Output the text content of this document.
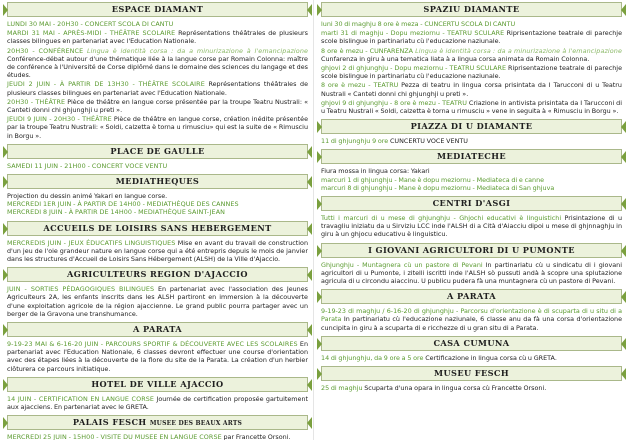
ESPACE DIAMANT
LUNDI 30 MAI - 20H30 - CONCERT SCOLA DI CANTU
MARDI 31 MAI - APRÈS-MIDI - THÉÂTRE SCOLAIRE Représentations théâtrales de plusieurs classes bilingues en partenariat avec l'Education Nationale.
20H30 - CONFÉRENCE Lingua è identità corsa : da a minurizazione à l'emancipazione Conférence-débat autour d'une thématique liée à la langue corse par Romain Colonna: maître de conférence à l'Université de Corse diplômé dans le domaine des sciences du langage et des études.
JEUDI 2 JUIN - À PARTIR DE 13H30 - THÉÂTRE SCOLAIRE Représentations théâtrales de plusieurs classes bilingues en partenariat avec l'Education Nationale.
20H30 - THÉÂTRE Pièce de théâtre en langue corse présentée par la troupe Teatru Nustrali: « Canteti donni chi ghjunghji u preti ».
JEUDI 9 JUIN - 20H30 - THÉÂTRE Pièce de théâtre en langue corse, création inédite présentée par la troupe Teatru Nustrali: « Soldi, calzetta è torna u rimusciu» qui est la suite de « Rimusciu in Borgu ».
PLACE DE GAULLE
SAMEDI 11 JUIN - 21H00 - CONCERT VOCE VENTU
MEDIATHEQUES
Projection du dessin animé Yakari en langue corse.
MERCREDI 1ER JUIN - À PARTIR DE 14H00 - MEDIATHÈQUE DES CANNES
MERCREDI 8 JUIN - À PARTIR DE 14H00 - MEDIATHÈQUE SAINT-JEAN
ACCUEILS DE LOISIRS SANS HEBERGEMENT
MERCREDIS JUIN - JEUX ÉDUCATIFS LINGUISTIQUES Mise en avant du travail de construction d'un jeu de l'oie grandeur nature en langue corse qui a été entrepris depuis le mois de janvier dans les structures d'Accueil de Loisirs Sans Hébergement (ALSH) de la Ville d'Ajaccio.
AGRICULTEURS REGION D'AJACCIO
JUIN - SORTIES PÉDAGOGIQUES BILINGUES En partenariat avec l'association des Jeunes Agriculteurs 2A, les enfants inscrits dans les ALSH partiront en immersion à la découverte d'une exploitation agricole de la région ajaccienne. Le grand public pourra partager avec un berger de la Gravona une transhumance.
A PARATA
9-19-23 MAI & 6-16-20 JUIN - PARCOURS SPORTIF & DÉCOUVERTE AVEC LES SCOLAIRES En partenariat avec l'Education Nationale, 6 classes devront effectuer une course d'orientation avec des étapes liées à la découverte de la flore du site de la Parata. La création d'un herbier clôturera ce parcours initiatique.
HOTEL DE VILLE AJACCIO
14 JUIN - CERTIFICATION EN LANGUE CORSE Journée de certification proposée gartuitement aux ajacciens. En partenariat avec le GRETA.
PALAIS FESCH MUSEE DES BEAUX ARTS
MERCREDI 25 JUIN - 15H00 - VISITE DU MUSEE EN LANGUE CORSE par Francette Orsoni.
SPAZIU DIAMANTE
luni 30 di maghju 8 ore è meza - CUNCERTU SCOLA DI CANTU
marti 31 di maghju - Dopu meziornu - TEATRU SCULARE Riprisentazione teatrale di parechje scole bislingue in partinariatu cù l'educazione naziunale.
8 ore è mezu - CUNFARENZA Lingua è identità corsa : da a minurizazione à l'emancipazione Cunfarenza in giru à una tematica liata à a lingua corsa animata da Romain Colonna.
ghjovi 2 di ghjunghju - Dopu meziornu - TEATRU SCULARE Riprisentazione teatrale di parechje scole bislingue in partinariatu cù l'educazione naziunale.
8 ore è mezu - TEATRU Pezza di teatru in lingua corsa prisintata da I Tarucconi di u Teatru Nustrali « Canteti donni chi ghjunghji u preti ».
ghjovi 9 di ghjunghju - 8 ore è mezu - TEATRU Criazione in antivista prisintata da I Tarucconi di u Teatru Nustrali « Soldi, calzetta è torna u rimusciu » vene in seguita à « Rimusciu in Borgu ».
PIAZZA DI U DIAMANTE
11 di ghjunghju 9 ore CUNCERTU VOCE VENTU
MEDIATECHE
Fiura mossa in lingua corsa: Yakari
marcuri 1 di ghjunghju - Mane è dopu meziornu - Mediateca di e canne
marcuri 8 di ghjunghju - Mane è dopu meziornu - Mediateca di San ghjuva
CENTRI D'ASGI
Tutti i marcuri di u mese di ghjunghju - Ghjochi educativi è linguistichi Prisintazione di u travagliu iniziatu da u Sirviziu LCC inde l'ALSH di a Cità d'Aiacciu dipoi u mese di ghjnnaghju in giru à un ghjocu educativu è linguisticu.
I GIOVANI AGRICULTORI DI U PUMONTE
Ghjunghju - Muntagnera cù un pastore di Pevani In partinariatu cù u sindicatu di i giovani agricultori di u Pumonte, i zitelli iscritti inde l'ALSH sò pussuti andà à scopre una splutazione agricula di u circondu aiaccinu. U publicu pudera fà una muntagnera cù un pastore di Pevani.
A PARATA
9-19-23 di maghju / 6-16-20 di ghjunghju - Parcorsu d'orientazione è di scuparta di u situ di a Parata In partinariatu cù l'educazione naziunale, 6 classe anu da fà una corsa d'orientazione cuncipita in giru à a scuparta di e ricchezze di u gran situ di a Parata.
CASA CUMUNA
14 di ghjunghju, da 9 ore a 5 ore Certificazione in lingua corsa cù u GRETA.
MUSEU FESCH
25 di maghju Scuparta d'una opara in lingua corsa cù Francette Orsoni.
